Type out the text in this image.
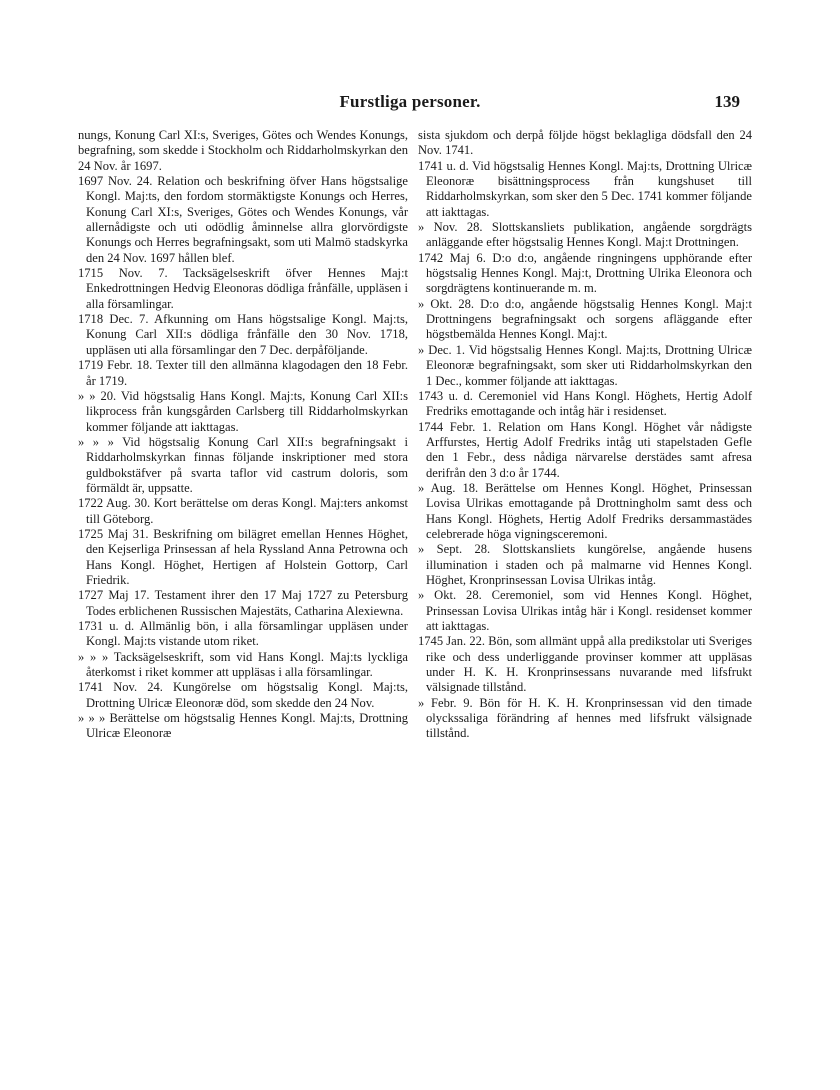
Furstliga personer.	139

nungs, Konung Carl XI:s, Sveriges, Götes och Wendes Konungs, begrafning, som skedde i Stockholm och Riddarholmskyrkan den 24 Nov. år 1697.

1697 Nov. 24. Relation och beskrifning öfver Hans högstsalige Kongl. Maj:ts, den fordom stormäktigste Konungs och Herres, Konung Carl XI:s, Sveriges, Götes och Wendes Konungs, vår allernådigste och uti odödlig åminnelse allra glorvördigste Konungs och Herres begrafningsakt, som uti Malmö stadskyrka den 24 Nov. 1697 hållen blef.

1715 Nov. 7. Tacksägelseskrift öfver Hennes Maj:t Enkedrottningen Hedvig Eleonoras dödliga frånfälle, uppläsen i alla församlingar.

1718 Dec. 7. Afkunning om Hans högstsalige Kongl. Maj:ts, Konung Carl XII:s dödliga frånfälle den 30 Nov. 1718, uppläsen uti alla församlingar den 7 Dec. derpåföljande.

1719 Febr. 18. Texter till den allmänna klagodagen den 18 Febr. år 1719.

» » 20. Vid högstsalig Hans Kongl. Maj:ts, Konung Carl XII:s likprocess från kungsgården Carlsberg till Riddarholmskyrkan kommer följande att iakttagas.

» » » Vid högstsalig Konung Carl XII:s begrafningsakt i Riddarholmskyrkan finnas följande inskriptioner med stora guldbokstäfver på svarta taflor vid castrum doloris, som förmäldt är, uppsatte.

1722 Aug. 30. Kort berättelse om deras Kongl. Maj:ters ankomst till Göteborg.

1725 Maj 31. Beskrifning om bilägret emellan Hennes Höghet, den Kejserliga Prinsessan af hela Ryssland Anna Petrowna och Hans Kongl. Höghet, Hertigen af Holstein Gottorp, Carl Friedrik.

1727 Maj 17. Testament ihrer den 17 Maj 1727 zu Petersburg Todes erblichenen Russischen Majestäts, Catharina Alexiewna.

1731 u. d. Allmänlig bön, i alla församlingar uppläsen under Kongl. Maj:ts vistande utom riket.

» » » Tacksägelseskrift, som vid Hans Kongl. Maj:ts lyckliga återkomst i riket kommer att uppläsas i alla församlingar.

1741 Nov. 24. Kungörelse om högstsalig Kongl. Maj:ts, Drottning Ulricæ Eleonoræ död, som skedde den 24 Nov.

» » » Berättelse om högstsalig Hennes Kongl. Maj:ts, Drottning Ulricæ Eleonoræ

sista sjukdom och derpå följde högst beklagliga dödsfall den 24 Nov. 1741.

1741 u. d. Vid högstsalig Hennes Kongl. Maj:ts, Drottning Ulricæ Eleonoræ bisättningsprocess från kungshuset till Riddarholmskyrkan, som sker den 5 Dec. 1741 kommer följande att iakttagas.

» Nov. 28. Slottskansliets publikation, angående sorgdrägts anläggande efter högstsalig Hennes Kongl. Maj:t Drottningen.

1742 Maj 6. D:o d:o, angående ringningens upphörande efter högstsalig Hennes Kongl. Maj:t, Drottning Ulrika Eleonora och sorgdrägtens kontinuerande m. m.

» Okt. 28. D:o d:o, angående högstsalig Hennes Kongl. Maj:t Drottningens begrafningsakt och sorgens afläggande efter högstbemälda Hennes Kongl. Maj:t.

» Dec. 1. Vid högstsalig Hennes Kongl. Maj:ts, Drottning Ulricæ Eleonoræ begrafningsakt, som sker uti Riddarholmskyrkan den 1 Dec., kommer följande att iakttagas.

1743 u. d. Ceremoniel vid Hans Kongl. Höghets, Hertig Adolf Fredriks emottagande och intåg här i residenset.

1744 Febr. 1. Relation om Hans Kongl. Höghet vår nådigste Arffurstes, Hertig Adolf Fredriks intåg uti stapelstaden Gefle den 1 Febr., dess nådiga närvarelse derstädes samt afresa derifrån den 3 d:o år 1744.

» Aug. 18. Berättelse om Hennes Kongl. Höghet, Prinsessan Lovisa Ulrikas emottagande på Drottningholm samt dess och Hans Kongl. Höghets, Hertig Adolf Fredriks dersammastädes celebrerade höga vigningsceremoni.

» Sept. 28. Slottskansliets kungörelse, angående husens illumination i staden och på malmarne vid Hennes Kongl. Höghet, Kronprinsessan Lovisa Ulrikas intåg.

» Okt. 28. Ceremoniel, som vid Hennes Kongl. Höghet, Prinsessan Lovisa Ulrikas intåg här i Kongl. residenset kommer att iakttagas.

1745 Jan. 22. Bön, som allmänt uppå alla predikstolar uti Sveriges rike och dess underliggande provinser kommer att uppläsas under H. K. H. Kronprinsessans nuvarande med lifsfrukt välsignade tillstånd.

» Febr. 9. Bön för H. K. H. Kronprinsessan vid den timade olyckssaliga förändring af hennes med lifsfrukt välsignade tillstånd.
